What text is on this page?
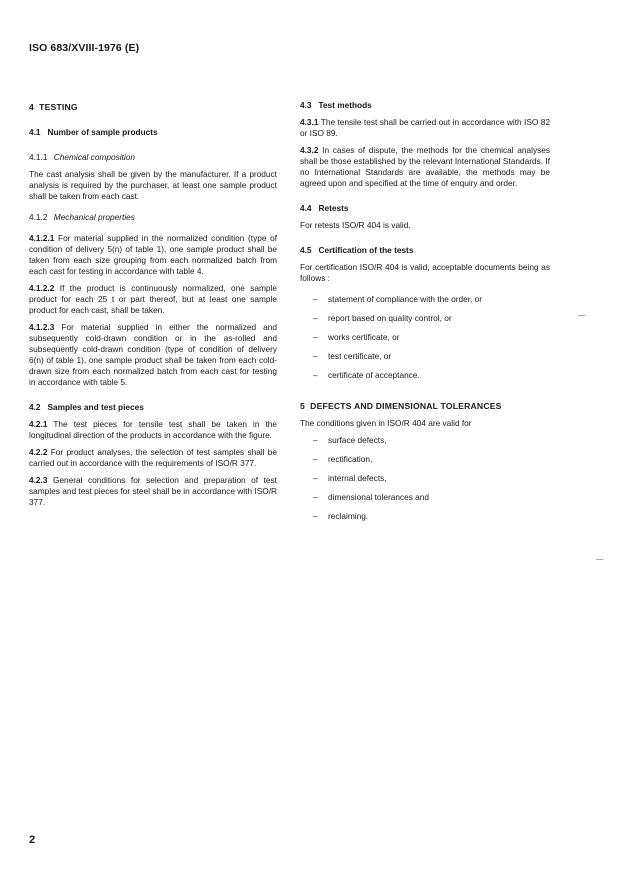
ISO 683/XVIII-1976 (E)
4 TESTING
4.1 Number of sample products
4.1.1 Chemical composition

The cast analysis shall be given by the manufacturer. If a product analysis is required by the purchaser, at least one sample product shall be taken from each cast.

4.1.2 Mechanical properties

4.1.2.1 For material supplied in the normalized condition (type of condition of delivery 5(n) of table 1), one sample product shall be taken from each size grouping from each normalized batch from each cast for testing in accordance with table 4.

4.1.2.2 If the product is continuously normalized, one sample product for each 25 t or part thereof, but at least one sample product for each cast, shall be taken.

4.1.2.3 For material supplied in either the normalized and subsequently cold-drawn condition or in the as-rolled and subsequently cold-drawn condition (type of condition of delivery 6(n) of table 1), one sample product shall be taken from each cold-drawn size from each normalized batch from each cast for testing in accordance with table 5.

4.2 Samples and test pieces

4.2.1 The test pieces for tensile test shall be taken in the longitudinal direction of the products in accordance with the figure.

4.2.2 For product analyses, the selection of test samples shall be carried out in accordance with the requirements of ISO/R 377.

4.2.3 General conditions for selection and preparation of test samples and test pieces for steel shall be in accordance with ISO/R 377.

4.3 Test methods

4.3.1 The tensile test shall be carried out in accordance with ISO 82 or ISO 89.

4.3.2 In cases of dispute, the methods for the chemical analyses shall be those established by the relevant International Standards. If no International Standards are available, the methods may be agreed upon and specified at the time of enquiry and order.

4.4 Retests

For retests ISO/R 404 is valid.

4.5 Certification of the tests

For certification ISO/R 404 is valid, acceptable documents being as follows :

– statement of compliance with the order, or
– report based on quality control, or
– works certificate, or
– test certificate, or
– certificate of acceptance.
5 DEFECTS AND DIMENSIONAL TOLERANCES

The conditions given in ISO/R 404 are valid for

– surface defects,
– rectification,
– internal defects,
– dimensional tolerances and
– reclaiming.
‿
‿
2
